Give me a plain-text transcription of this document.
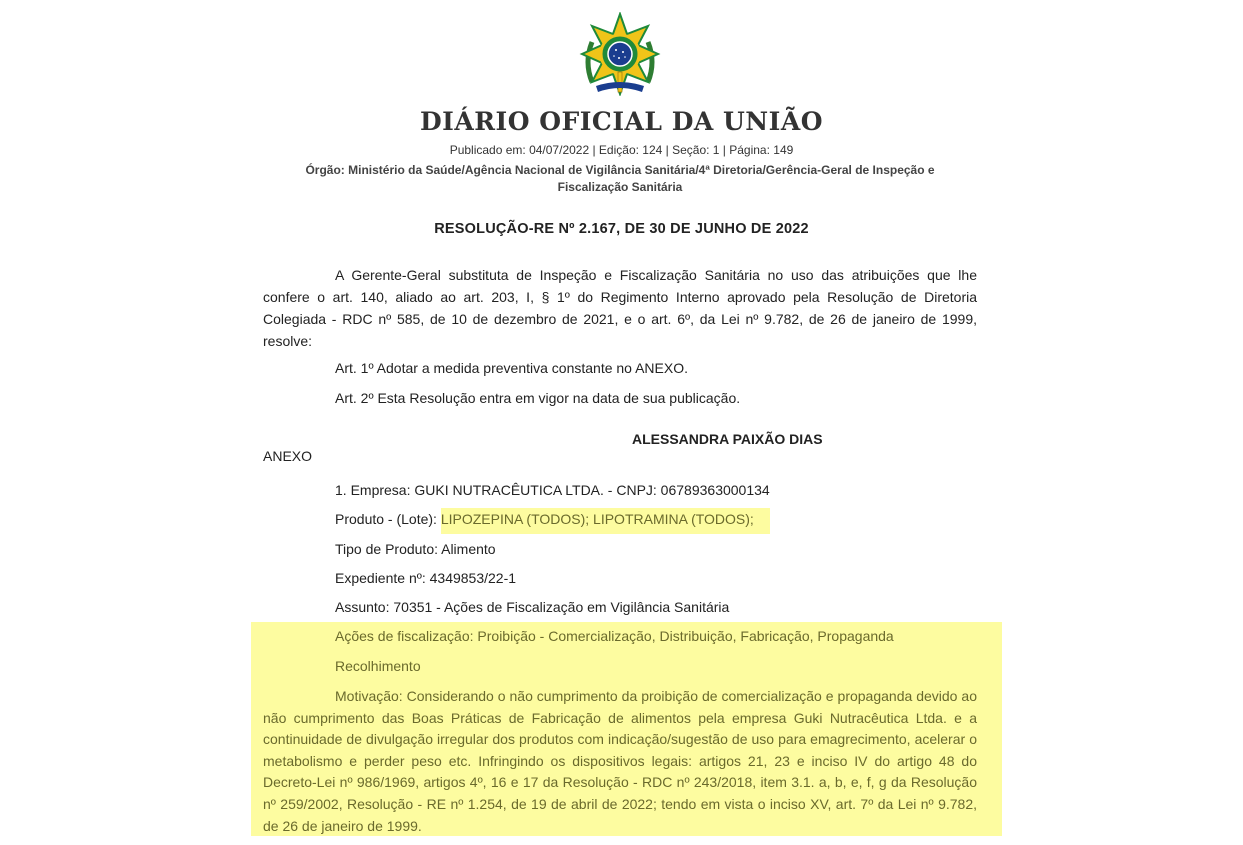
DIÁRIO OFICIAL DA UNIÃO
Publicado em: 04/07/2022 | Edição: 124 | Seção: 1 | Página: 149
Órgão: Ministério da Saúde/Agência Nacional de Vigilância Sanitária/4ª Diretoria/Gerência-Geral de Inspeção e Fiscalização Sanitária
RESOLUÇÃO-RE Nº 2.167, DE 30 DE JUNHO DE 2022
A Gerente-Geral substituta de Inspeção e Fiscalização Sanitária no uso das atribuições que lhe confere o art. 140, aliado ao art. 203, I, § 1º do Regimento Interno aprovado pela Resolução de Diretoria Colegiada - RDC nº 585, de 10 de dezembro de 2021, e o art. 6º, da Lei nº 9.782, de 26 de janeiro de 1999, resolve:
Art. 1º Adotar a medida preventiva constante no ANEXO.
Art. 2º Esta Resolução entra em vigor na data de sua publicação.
ALESSANDRA PAIXÃO DIAS
ANEXO
1. Empresa: GUKI NUTRACÊUTICA LTDA. - CNPJ: 06789363000134
Produto - (Lote): LIPOZEPINA (TODOS); LIPOTRAMINA (TODOS);
Tipo de Produto: Alimento
Expediente nº: 4349853/22-1
Assunto: 70351 - Ações de Fiscalização em Vigilância Sanitária
Ações de fiscalização: Proibição - Comercialização, Distribuição, Fabricação, Propaganda
Recolhimento
Motivação: Considerando o não cumprimento da proibição de comercialização e propaganda devido ao não cumprimento das Boas Práticas de Fabricação de alimentos pela empresa Guki Nutracêutica Ltda. e a continuidade de divulgação irregular dos produtos com indicação/sugestão de uso para emagrecimento, acelerar o metabolismo e perder peso etc. Infringindo os dispositivos legais: artigos 21, 23 e inciso IV do artigo 48 do Decreto-Lei nº 986/1969, artigos 4º, 16 e 17 da Resolução - RDC nº 243/2018, item 3.1. a, b, e, f, g da Resolução nº 259/2002, Resolução - RE nº 1.254, de 19 de abril de 2022; tendo em vista o inciso XV, art. 7º da Lei nº 9.782, de 26 de janeiro de 1999.
